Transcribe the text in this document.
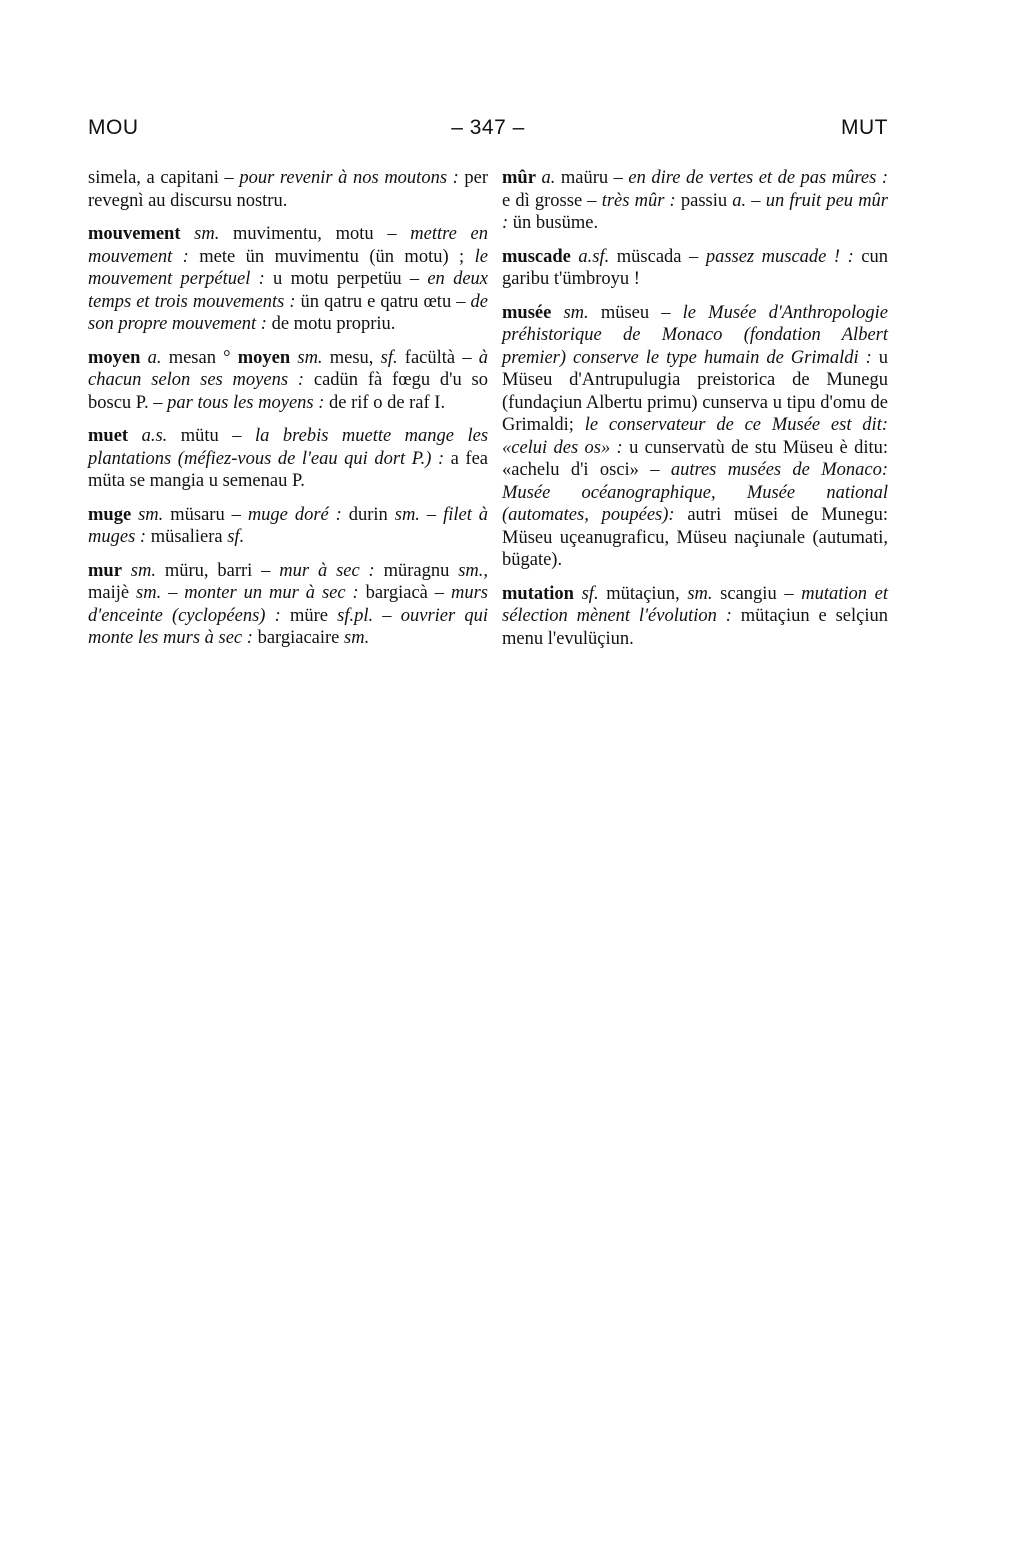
MOU	– 347 –	MUT

simela, a capitani – pour revenir à nos moutons : per revegnì au discursu nostru.

mouvement sm. muvimentu, motu – mettre en mouvement : mete ün muvimentu (ün motu) ; le mouvement perpétuel : u motu perpetüu – en deux temps et trois mouvements : ün qatru e qatru œtu – de son propre mouvement : de motu propriu.

moyen a. mesan ° moyen sm. mesu, sf. facültà – à chacun selon ses moyens : cadün fà fœgu d'u so boscu P. – par tous les moyens : de rif o de raf I.

muet a.s. mütu – la brebis muette mange les plantations (méfiez-vous de l'eau qui dort P.) : a fea müta se mangia u semenau P.

muge sm. müsaru – muge doré : durin sm. – filet à muges : müsaliera sf.

mur sm. müru, barri – mur à sec : müragnu sm., maijè sm. – monter un mur à sec : bargiacà – murs d'enceinte (cyclopéens) : müre sf.pl. – ouvrier qui monte les murs à sec : bargiacaire sm.

mûr a. maüru – en dire de vertes et de pas mûres : e dì grosse – très mûr : passiu a. – un fruit peu mûr : ün busüme.

muscade a.sf. müscada – passez muscade ! : cun garibu t'ümbroyu !

musée sm. müseu – le Musée d'Anthropologie préhistorique de Monaco (fondation Albert premier) conserve le type humain de Grimaldi : u Müseu d'Antrupulugia preistorica de Munegu (fundaçiun Albertu primu) cunserva u tipu d'omu de Grimaldi; le conservateur de ce Musée est dit: «celui des os» : u cunservatù de stu Müseu è ditu: «achelu d'i osci» – autres musées de Monaco: Musée océanographique, Musée national (automates, poupées): autri müsei de Munegu: Müseu uçeanugraficu, Müseu naçiunale (autumati, bügate).

mutation sf. mütaçiun, sm. scangiu – mutation et sélection mènent l'évolution : mütaçiun e selçiun menu l'evulüçiun.
